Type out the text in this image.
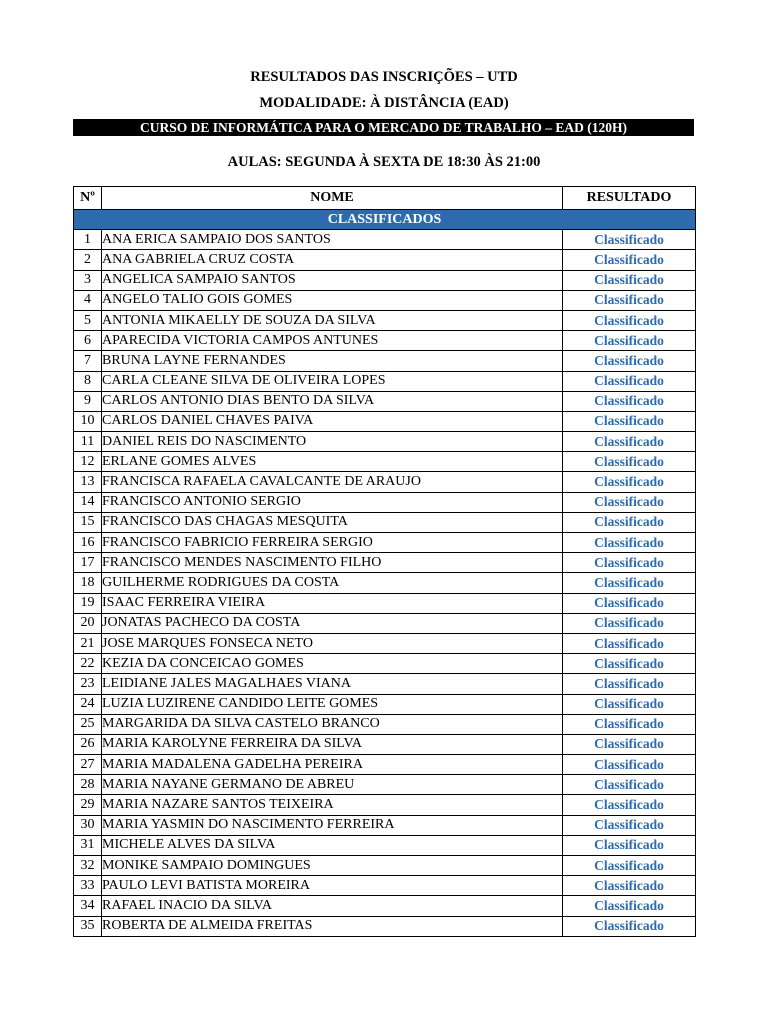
RESULTADOS DAS INSCRIÇÕES – UTD
MODALIDADE: À DISTÂNCIA (EAD)
CURSO DE INFORMÁTICA PARA O MERCADO DE TRABALHO – EAD (120H)
AULAS: SEGUNDA À SEXTA DE 18:30 ÀS 21:00
Nº	NOME	RESULTADO
CLASSIFICADOS		
1	ANA ERICA SAMPAIO DOS SANTOS	Classificado
2	ANA GABRIELA CRUZ COSTA	Classificado
3	ANGELICA SAMPAIO SANTOS	Classificado
4	ANGELO TALIO GOIS GOMES	Classificado
5	ANTONIA MIKAELLY DE SOUZA DA SILVA	Classificado
6	APARECIDA VICTORIA CAMPOS ANTUNES	Classificado
7	BRUNA LAYNE FERNANDES	Classificado
8	CARLA CLEANE SILVA DE OLIVEIRA LOPES	Classificado
9	CARLOS ANTONIO DIAS BENTO DA SILVA	Classificado
10	CARLOS DANIEL CHAVES PAIVA	Classificado
11	DANIEL REIS DO NASCIMENTO	Classificado
12	ERLANE GOMES ALVES	Classificado
13	FRANCISCA RAFAELA CAVALCANTE DE ARAUJO	Classificado
14	FRANCISCO ANTONIO SERGIO	Classificado
15	FRANCISCO DAS CHAGAS MESQUITA	Classificado
16	FRANCISCO FABRICIO FERREIRA SERGIO	Classificado
17	FRANCISCO MENDES NASCIMENTO FILHO	Classificado
18	GUILHERME RODRIGUES DA COSTA	Classificado
19	ISAAC FERREIRA VIEIRA	Classificado
20	JONATAS PACHECO DA COSTA	Classificado
21	JOSE MARQUES FONSECA NETO	Classificado
22	KEZIA DA CONCEICAO GOMES	Classificado
23	LEIDIANE JALES MAGALHAES VIANA	Classificado
24	LUZIA LUZIRENE CANDIDO LEITE GOMES	Classificado
25	MARGARIDA DA SILVA CASTELO BRANCO	Classificado
26	MARIA KAROLYNE FERREIRA DA SILVA	Classificado
27	MARIA MADALENA GADELHA PEREIRA	Classificado
28	MARIA NAYANE GERMANO DE ABREU	Classificado
29	MARIA NAZARE SANTOS TEIXEIRA	Classificado
30	MARIA YASMIN DO NASCIMENTO FERREIRA	Classificado
31	MICHELE ALVES DA SILVA	Classificado
32	MONIKE SAMPAIO DOMINGUES	Classificado
33	PAULO LEVI BATISTA MOREIRA	Classificado
34	RAFAEL INACIO DA SILVA	Classificado
35	ROBERTA DE ALMEIDA FREITAS	Classificado
